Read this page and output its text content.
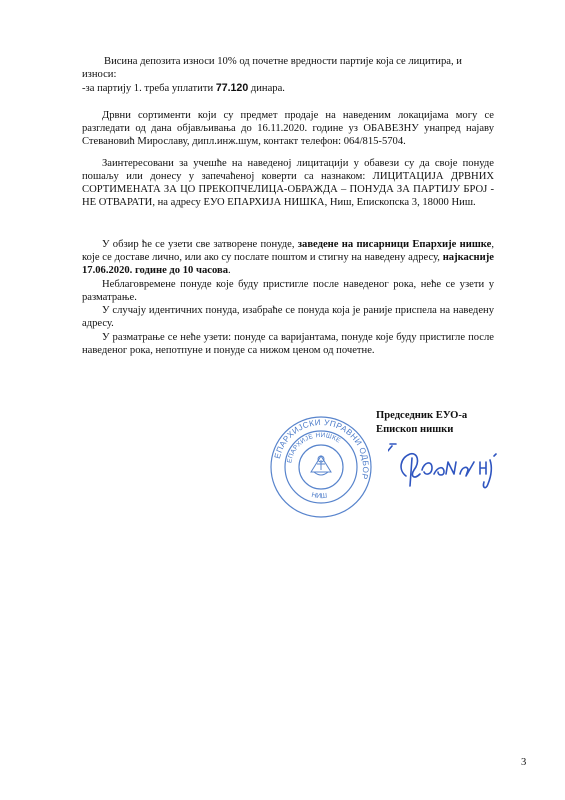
Висина депозита износи 10% од почетне вредности партије која се лицитира, и
износи:
-за партију 1. треба уплатити 77.120 динара.
Дрвни сортименти који су предмет продаје на наведеним локацијама могу се разгледати од дана објављивања до 16.11.2020. године уз ОБАВЕЗНУ унапред најаву Стевановић Мирославу, дипл.инж.шум, контакт телефон: 064/815-5704.
Заинтересовани за учешће на наведеној лицитацији у обавези су да своје понуде пошаљу или донесу у запечаћеној коверти са назнаком: ЛИЦИТАЦИЈА ДРВНИХ СОРТИМЕНАТА ЗА ЦО ПРЕКОПЧЕЛИЦА-ОБРАЖДА – ПОНУДА ЗА ПАРТИЈУ БРОЈ - НЕ ОТВАРАТИ, на адресу ЕУО ЕПАРХИЈА НИШКА, Ниш, Епископска 3, 18000 Ниш.
У обзир ће се узети све затворене понуде, заведене на писарници Епархије нишке, које се доставе лично, или ако су послате поштом и стигну на наведену адресу, најкасније 17.06.2020. године до 10 часова.
Неблаговремене понуде које буду пристигле после наведеног рока, неће се узети у разматрање.
У случају идентичних понуда, изабраће се понуда која је раније приспела на наведену адресу.
У разматрање се неће узети: понуде са варијантама, понуде које буду пристигле после наведеног рока, непотпуне и понуде са нижом ценом од почетне.
Председник ЕУО-а
Епископ нишки
ЕПАРХИЈСКИ УПРАВНИ ОДБОР
ЕПАРХИЈЕ НИШКЕ
НИШ
3
